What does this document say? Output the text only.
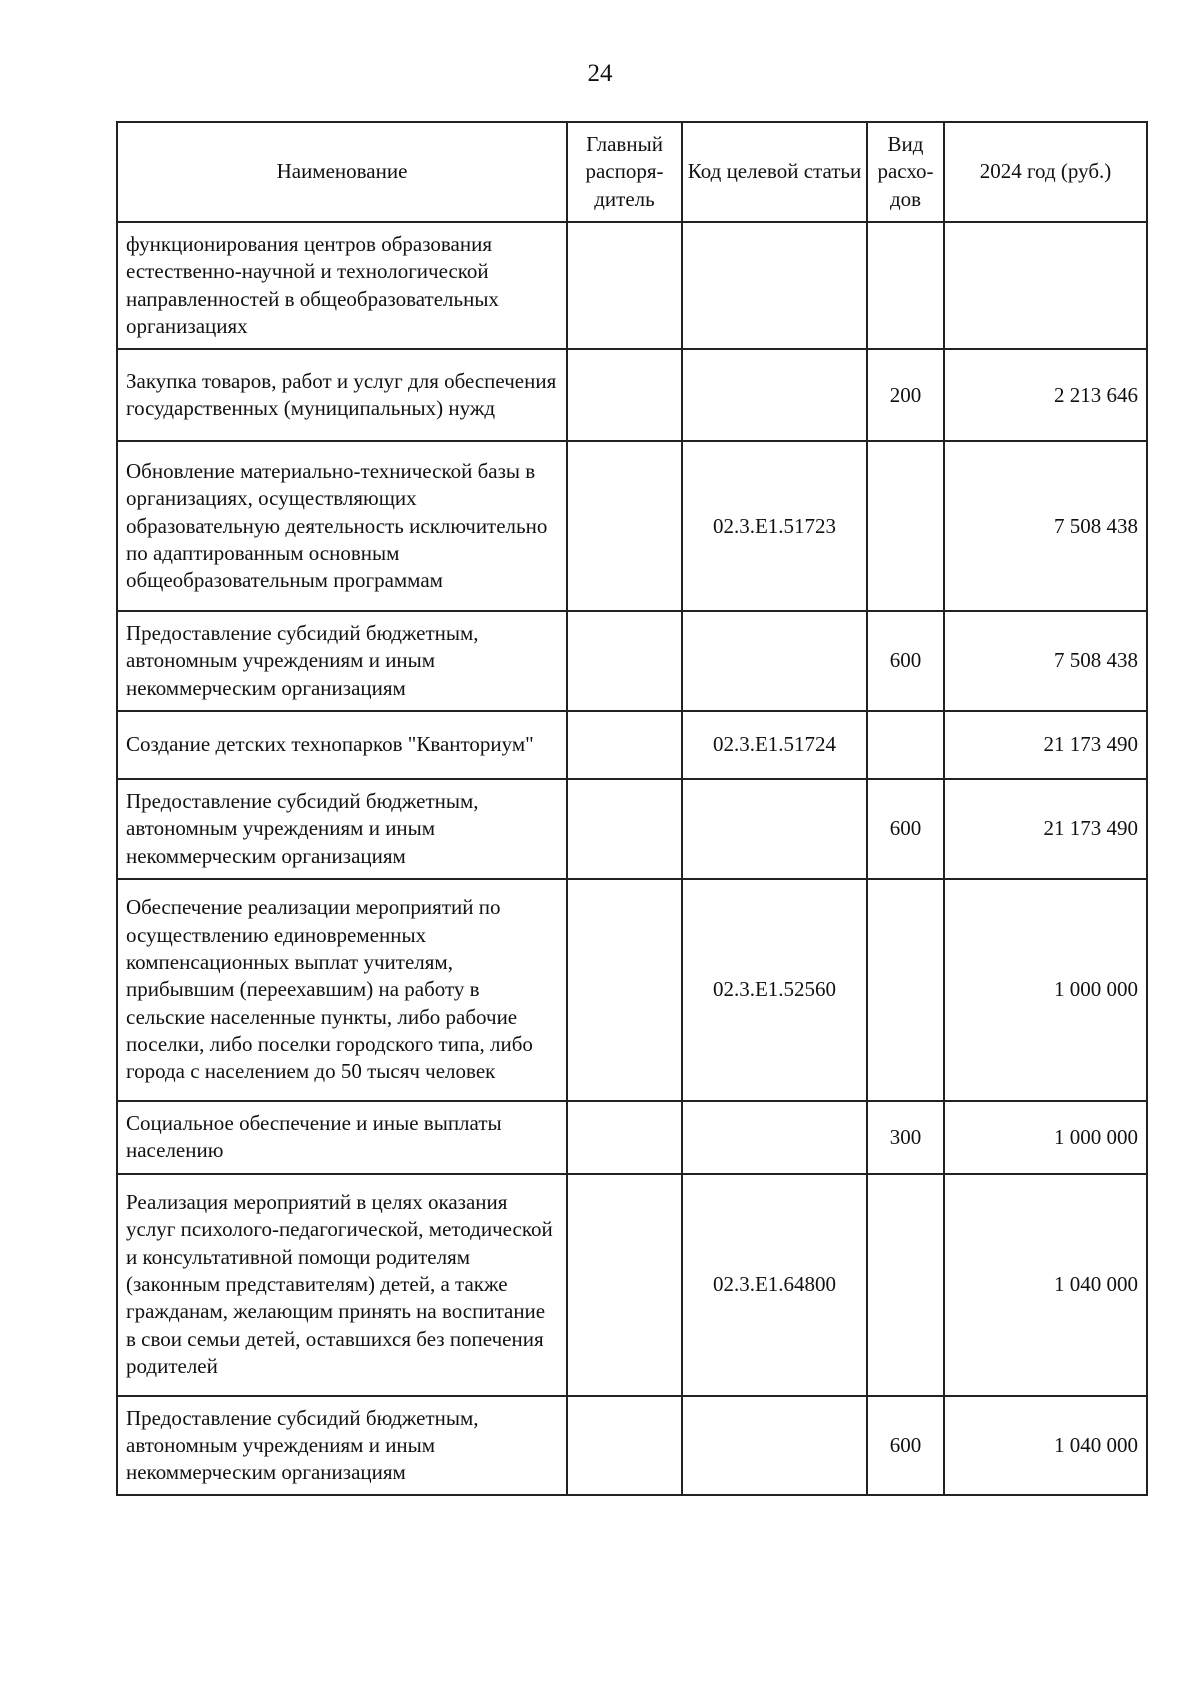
24
Наименование	Главный распоря-дитель	Код целевой статьи	Вид расхо-дов	2024 год (руб.)
функционирования центров образования естественно-научной и технологической направленностей в общеобразовательных организациях				
Закупка товаров, работ и услуг для обеспечения государственных (муниципальных) нужд			200	2 213 646
Обновление материально-технической базы в организациях, осуществляющих образовательную деятельность исключительно по адаптированным основным общеобразовательным программам		02.3.E1.51723		7 508 438
Предоставление субсидий бюджетным, автономным учреждениям и иным некоммерческим организациям			600	7 508 438
Создание детских технопарков "Кванториум"		02.3.E1.51724		21 173 490
Предоставление субсидий бюджетным, автономным учреждениям и иным некоммерческим организациям			600	21 173 490
Обеспечение реализации мероприятий по осуществлению единовременных компенсационных выплат учителям, прибывшим (переехавшим) на работу в сельские населенные пункты, либо рабочие поселки, либо поселки городского типа, либо города с населением до 50 тысяч человек		02.3.E1.52560		1 000 000
Социальное обеспечение и иные выплаты населению			300	1 000 000
Реализация мероприятий в целях оказания услуг психолого-педагогической, методической и консультативной помощи родителям (законным представителям) детей, а также гражданам, желающим принять на воспитание в свои семьи детей, оставшихся без попечения родителей		02.3.E1.64800		1 040 000
Предоставление субсидий бюджетным, автономным учреждениям и иным некоммерческим организациям			600	1 040 000
